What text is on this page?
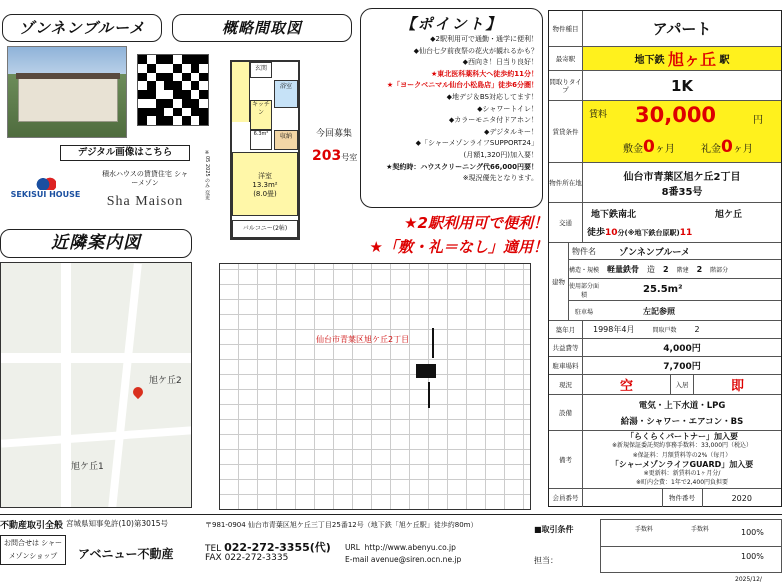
ゾンネンブルーメ	概略間取図
デジタル画像はこちら
SEKISUI HOUSE
積水ハウスの賃貸住宅 シャーメゾン
Sha Maison
近隣案内図
玄関
浴室
キッチン
6.3m²	収納
洋室
13.3m²
(8.0畳)
バルコニー(2帖)
※05 2025 のみ 変更
今回募集
203号室
【ポイント】
◆2駅利用可で通勤・通学に便利！
◆仙台七夕前夜祭の花火が観れるかも？
◆西向き！日当り良好！
★東北医科薬科大へ徒歩約11分！
★「ヨークベニマル仙台小松島店」徒歩6分圏！
◆地デジ＆BS対応してます！
◆シャワートイレ！
◆カラーモニタ付ドアホン！
◆デジタルキー！
◆「シャーメゾンライフSUPPORT24」
(月額1,320円)加入要！
★契約時：ハウスクリーニング代66,000円要！
※現況優先となります。
★2駅利用可で便利！
★「敷・礼＝なし」適用！
旭ケ丘2
旭ケ丘1
仙台市青葉区旭ケ丘2丁目
物件種目	アパート
最寄駅	地下鉄
旭ヶ丘
駅
間取りタイプ	1K
賃貸条件
賃料 30,000	円
敷金0ヶ月	礼金0ヶ月
物件所在地	仙台市青葉区旭ケ丘2丁目
8番35号
交通
地下鉄南北	旭ケ丘
徒歩10分(※地下鉄台原駅)11
建物
物件名	ゾンネンブルーメ
構造・規模 軽量鉄骨 造 2 階建 2 階部分
使用部分面積	25.5m²
駐車場	左記参照
築年月	1998年4月	間取戸数 2
共益費等	4,000円
駐車場料	7,700円
現況	空	入居	即
設備
電気・上下水道・LPG
給湯・シャワー・エアコン・BS
備考
「らくらくパートナー」加入要
※新規保証委託契約事務手数料：33,000円（税込）
※保証料：月額賃料等の2%（毎月）
「シャーメゾンライフGUARD」加入要
※更新料：新賃料の1ヶ月分/
※町内会費：1年で2,400円負担要
会員番号	物件番号	2020
不動産取引全般 宮城県知事免許(10)第3015号
お問合せは シャーメゾンショップ	アベニュー不動産
〒981-0904 仙台市青葉区旭ケ丘三丁目25番12号（地下鉄「旭ケ丘駅」徒歩約80m）
TEL 022-272-3355(代)
FAX 022-272-3335
URL http://www.abenyu.co.jp
E-mail avenue@siren.ocn.ne.jp
■取引条件
担当：
手数料	手数料	100%
100%
2025/12/
